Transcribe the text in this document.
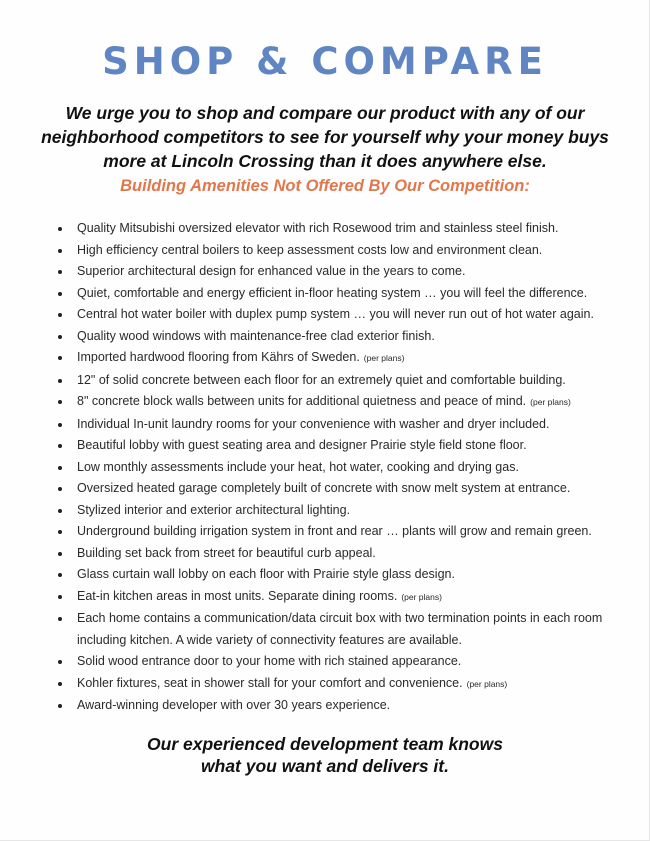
SHOP & COMPARE
We urge you to shop and compare our product with any of our neighborhood competitors to see for yourself why your money buys more at Lincoln Crossing than it does anywhere else.
Building Amenities Not Offered By Our Competition:
Quality Mitsubishi oversized elevator with rich Rosewood trim and stainless steel finish.
High efficiency central boilers to keep assessment costs low and environment clean.
Superior architectural design for enhanced value in the years to come.
Quiet, comfortable and energy efficient in-floor heating system … you will feel the difference.
Central hot water boiler with duplex pump system … you will never run out of hot water again.
Quality wood windows with maintenance-free clad exterior finish.
Imported hardwood flooring from Kährs of Sweden. (per plans)
12" of solid concrete between each floor for an extremely quiet and comfortable building.
8" concrete block walls between units for additional quietness and peace of mind. (per plans)
Individual In-unit laundry rooms for your convenience with washer and dryer included.
Beautiful lobby with guest seating area and designer Prairie style field stone floor.
Low monthly assessments include your heat, hot water, cooking and drying gas.
Oversized heated garage completely built of concrete with snow melt system at entrance.
Stylized interior and exterior architectural lighting.
Underground building irrigation system in front and rear … plants will grow and remain green.
Building set back from street for beautiful curb appeal.
Glass curtain wall lobby on each floor with Prairie style glass design.
Eat-in kitchen areas in most units. Separate dining rooms. (per plans)
Each home contains a communication/data circuit box with two termination points in each room including kitchen. A wide variety of connectivity features are available.
Solid wood entrance door to your home with rich stained appearance.
Kohler fixtures, seat in shower stall for your comfort and convenience. (per plans)
Award-winning developer with over 30 years experience.
Our experienced development team knows
what you want and delivers it.
